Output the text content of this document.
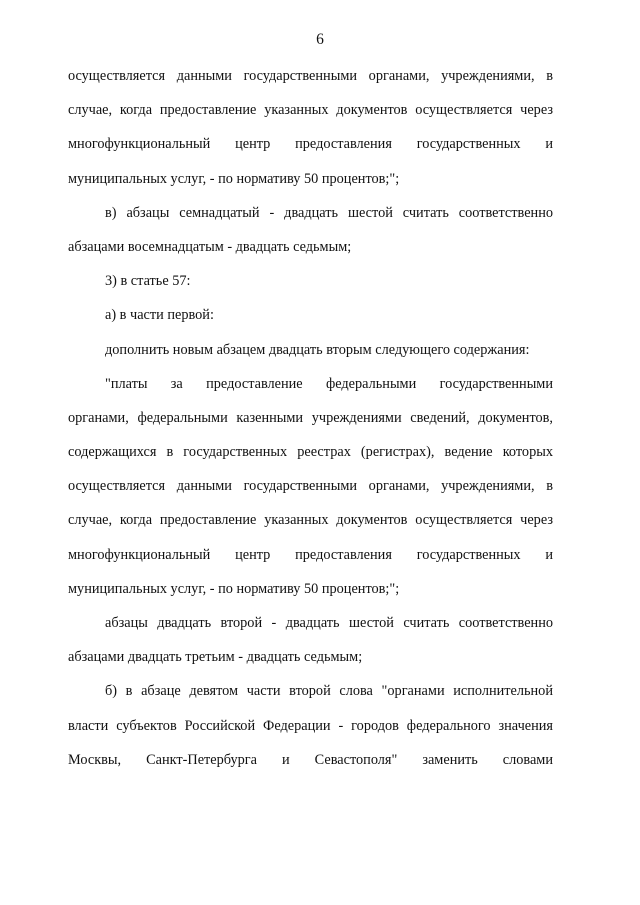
6
осуществляется данными государственными органами, учреждениями, в
случае, когда предоставление указанных документов осуществляется через
многофункциональный центр предоставления государственных и
муниципальных услуг, - по нормативу 50 процентов;";
в) абзацы семнадцатый - двадцать шестой считать соответственно
абзацами восемнадцатым - двадцать седьмым;
3) в статье 57:
а) в части первой:
дополнить новым абзацем двадцать вторым следующего содержания:
"платы за предоставление федеральными государственными
органами, федеральными казенными учреждениями сведений, документов,
содержащихся в государственных реестрах (регистрах), ведение которых
осуществляется данными государственными органами, учреждениями, в
случае, когда предоставление указанных документов осуществляется через
многофункциональный центр предоставления государственных и
муниципальных услуг, - по нормативу 50 процентов;";
абзацы двадцать второй - двадцать шестой считать соответственно
абзацами двадцать третьим - двадцать седьмым;
б) в абзаце девятом части второй слова "органами исполнительной
власти субъектов Российской Федерации - городов федерального значения
Москвы, Санкт-Петербурга и Севастополя" заменить словами
